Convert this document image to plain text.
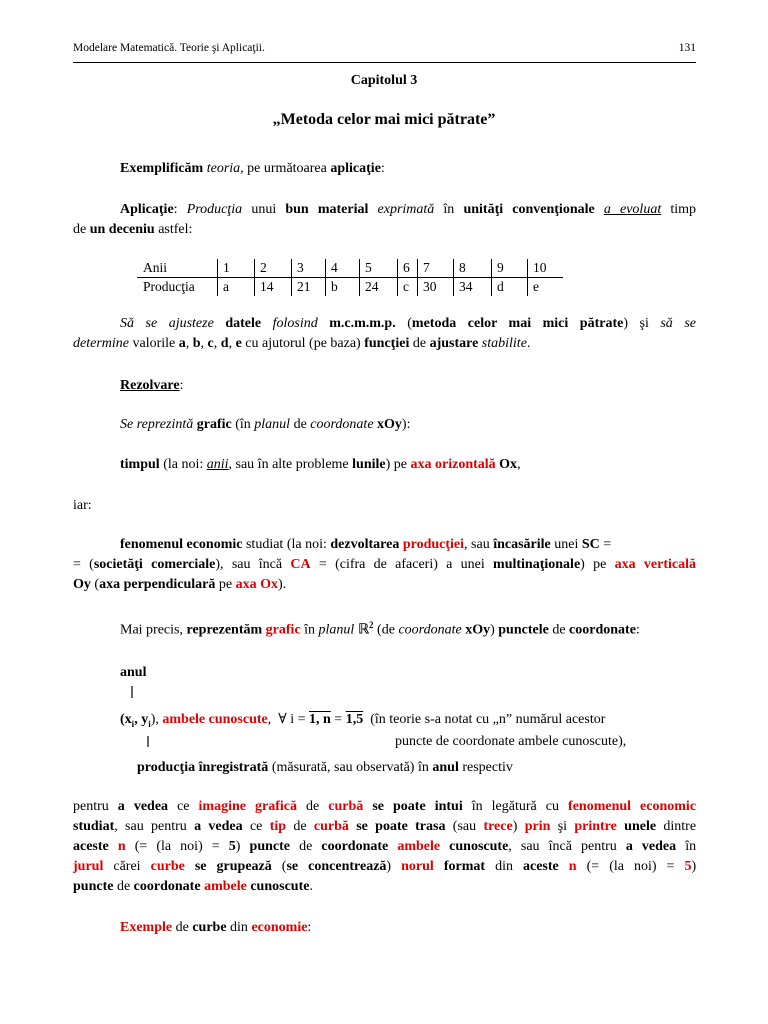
Modelare Matematică. Teorie şi Aplicaţii.	131
Capitolul 3
„Metoda celor mai mici pătrate”
Exemplificăm teoria, pe următoarea aplicaţie:
Aplicaţie: Producţia unui bun material exprimată în unităţi convenţionale a evoluat timp
de un deceniu astfel:
Anii	1	2	3	4	5	6	7	8	9	10
Producţia	a	14	21	b	24	c	30	34	d	e
Să se ajusteze datele folosind m.c.m.m.p. (metoda celor mai mici pătrate) şi să se
determine valorile a, b, c, d, e cu ajutorul (pe baza) funcţiei de ajustare stabilite.
Rezolvare:
Se reprezintă grafic (în planul de coordonate xOy):
timpul (la noi: anii, sau în alte probleme lunile) pe axa orizontală Ox,
iar:
fenomenul economic studiat (la noi: dezvoltarea producţiei, sau încasările unei SC =
= (societăţi comerciale), sau încă CA = (cifra de afaceri) a unei multinaţionale) pe axa verticală
Oy (axa perpendiculară pe axa Ox).
Mai precis, reprezentăm grafic în planul ℝ$^2$ (de coordonate xOy) punctele de coordonate:
anul
($x_i$, $y_i$), ambele cunoscute, ∀ i = 1, n = 1,5 (în teorie s-a notat cu „n” numărul acestor
puncte de coordonate ambele cunoscute),
producţia înregistrată (măsurată, sau observată) în anul respectiv
pentru a vedea ce imagine grafică de curbă se poate intui în legătură cu fenomenul economic
studiat, sau pentru a vedea ce tip de curbă se poate trasa (sau trece) prin şi printre unele dintre
aceste n (= (la noi) = 5) puncte de coordonate ambele cunoscute, sau încă pentru a vedea în
jurul cărei curbe se grupează (se concentrează) norul format din aceste n (= (la noi) = 5)
puncte de coordonate ambele cunoscute.
Exemple de curbe din economie:
